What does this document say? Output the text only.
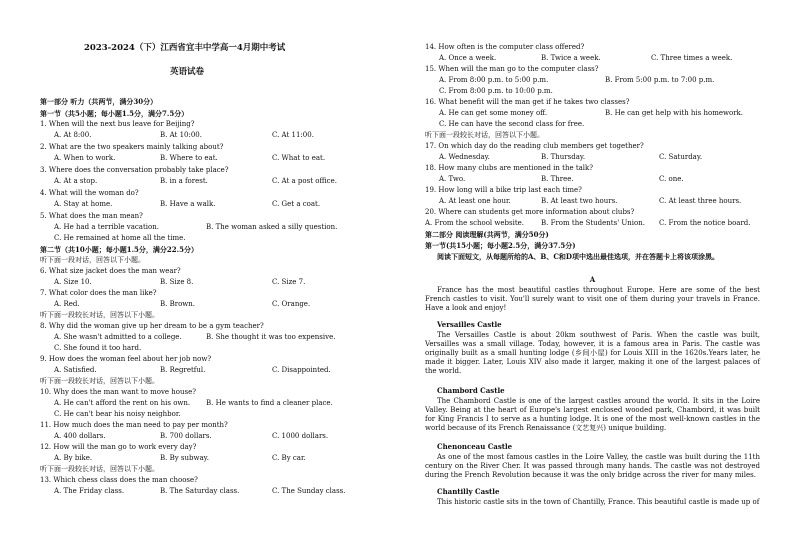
2023-2024（下）江西省宜丰中学高一4月期中考试
英语试卷
第一部分 听力（共两节，满分30分）
第一节（共5小题；每小题1.5分，满分7.5分）
1. When will the next bus leave for Beijing?
A. At 8:00.	B. At 10:00.	C. At 11:00.
2. What are the two speakers mainly talking about?
A. When to work.	B. Where to eat.	C. What to eat.
3. Where does the conversation probably take place?
A. At a stop.	B. in a forest.	C. At a post office.
4. What will the woman do?
A. Stay at home.	B. Have a walk.	C. Get a coat.
5. What does the man mean?
A. He had a terrible vacation.	B. The woman asked a silly question.
C. He remained at home all the time.
第二节（共10小题；每小题1.5分，满分22.5分）
听下面一段对话，回答以下小题。
6. What size jacket does the man wear?
A. Size 10.	B. Size 8.	C. Size 7.
7. What color does the man like?
A. Red.	B. Brown.	C. Orange.
听下面一段较长对话，回答以下小题。
8. Why did the woman give up her dream to be a gym teacher?
A. She wasn't admitted to a college.	B. She thought it was too expensive.
C. She found it too hard.
9. How does the woman feel about her job now?
A. Satisfied.	B. Regretful.	C. Disappointed.
听下面一段较长对话，回答以下小题。
10. Why does the man want to move house?
A. He can't afford the rent on his own. B. He wants to find a cleaner place.
C. He can't bear his noisy neighbor.
11. How much does the man need to pay per month?
A. 400 dollars.	B. 700 dollars.	C. 1000 dollars.
12. How will the man go to work every day?
A. By bike.	B. By subway.	C. By car.
听下面一段较长对话，回答以下小题。
13. Which chess class does the man choose?
A. The Friday class.	B. The Saturday class.	C. The Sunday class.
14. How often is the computer class offered?
A. Once a week.	B. Twice a week.	C. Three times a week.
15. When will the man go to the computer class?
A. From 8:00 p.m. to 5:00 p.m.	B. From 5:00 p.m. to 7:00 p.m.
C. From 8:00 p.m. to 10:00 p.m.
16. What benefit will the man get if he takes two classes?
A. He can get some money off.	B. He can get help with his homework.
C. He can have the second class for free.
听下面一段较长对话，回答以下小题。
17. On which day do the reading club members get together?
A. Wednesday.	B. Thursday.	C. Saturday.
18. How many clubs are mentioned in the talk?
A. Two.	B. Three.	C. one.
19. How long will a bike trip last each time?
A. At least one hour.	B. At least two hours.	C. At least three hours.
20. Where can students get more information about clubs?
A. From the school website. B. From the Students' Union. C. From the notice board.
第二部分 阅读理解(共两节，满分50分)
第一节(共15小题；每小题2.5分，满分37.5分)
阅读下面短文，从每题所给的A、B、C和D项中选出最佳选项，并在答题卡上将该项涂黑。
A
France has the most beautiful castles throughout Europe. Here are some of the best French castles to visit. You'll surely want to visit one of them during your travels in France. Have a look and enjoy!
Versailles Castle
The Versailles Castle is about 20km southwest of Paris. When the castle was built, Versailles was a small village. Today, however, it is a famous area in Paris. The castle was originally built as a small hunting lodge (乡间小屋) for Louis XIII in the 1620s.Years later, he made it bigger. Later, Louis XIV also made it larger, making it one of the largest palaces of the world.
Chambord Castle
The Chambord Castle is one of the largest castles around the world. It sits in the Loire Valley. Being at the heart of Europe's largest enclosed wooded park, Chambord, it was built for King Francis I to serve as a hunting lodge. It is one of the most well-known castles in the world because of its French Renaissance (文艺复兴) unique building.
Chenonceau Castle
As one of the most famous castles in the Loire Valley, the castle was built during the 11th century on the River Cher. It was passed through many hands. The castle was not destroyed during the French Revolution because it was the only bridge across the river for many miles.
Chantilly Castle
This historic castle sits in the town of Chantilly, France. This beautiful castle is made up of
